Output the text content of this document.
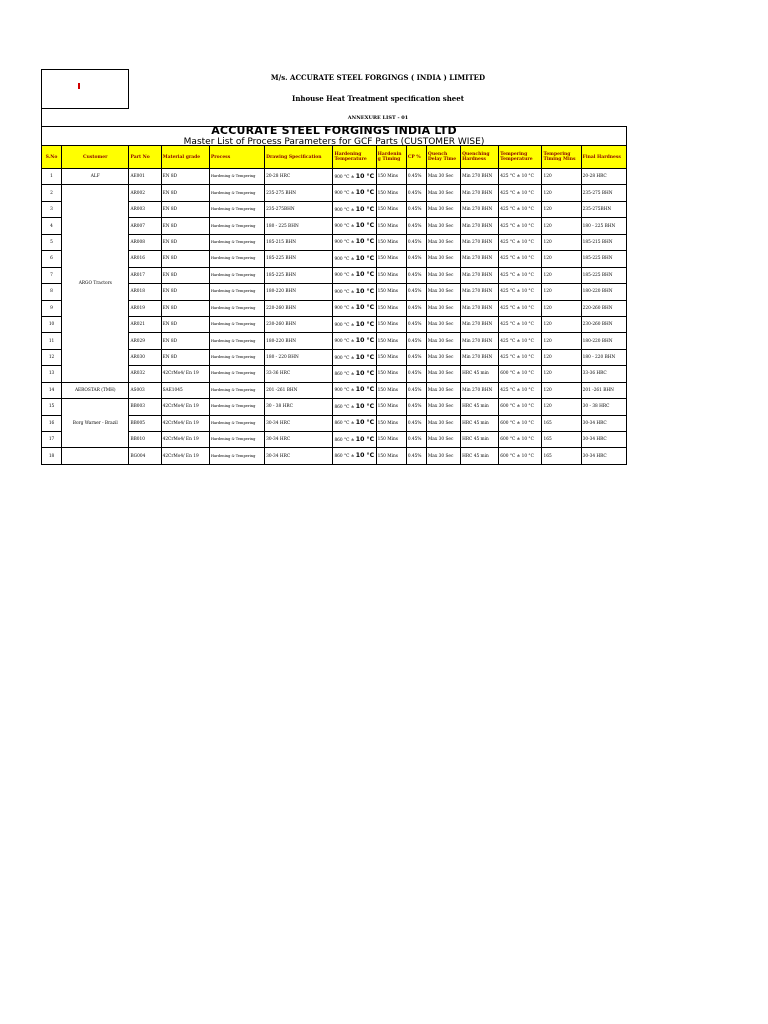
M/s. ACCURATE STEEL FORGINGS ( INDIA ) LIMITED
Inhouse Heat Treatment specification sheet
ANNEXURE LIST - 01
ACCURATE STEEL FORGINGS INDIA LTD
Master List of Process Parameters for GCF Parts (CUSTOMER WISE)
S.No	Customer	Part No	Material grade	Process	Drawing Specification	Hardening Temperature	Hardenin g Timing	CP %	Quench Delay Time	Quenching Hardness	Tempering Temperature	Tempering Timing Mins	Final Hardness
1	ALF	AE001	EN 8D	Hardening & Tempering	20-28 HRC	900 °C ± 10 °C	150 Mins	0.45%	Max 30 Sec	Min 270 BHN	425 °C ± 10 °C	120	20-28 HRC
2	ARGO Tractors	AR002	EN 8D	Hardening & Tempering	235-275 BHN	900 °C ± 10 °C	150 Mins	0.45%	Max 30 Sec	Min 270 BHN	425 °C ± 10 °C	120	235-275 BHN
3		AR003	EN 8D	Hardening & Tempering	235-275BHN	900 °C ± 10 °C	150 Mins	0.45%	Max 30 Sec	Min 270 BHN	425 °C ± 10 °C	120	235-275BHN
4		AR007	EN 8D	Hardening & Tempering	180 - 225 BHN	900 °C ± 10 °C	150 Mins	0.45%	Max 30 Sec	Min 270 BHN	425 °C ± 10 °C	120	180 - 225 BHN
5		AR008	EN 8D	Hardening & Tempering	185-215 BHN	900 °C ± 10 °C	150 Mins	0.45%	Max 30 Sec	Min 270 BHN	425 °C ± 10 °C	120	185-215 BHN
6		AR016	EN 8D	Hardening & Tempering	185-225 BHN	900 °C ± 10 °C	150 Mins	0.45%	Max 30 Sec	Min 270 BHN	425 °C ± 10 °C	120	185-225 BHN
7		AR017	EN 8D	Hardening & Tempering	185-225 BHN	900 °C ± 10 °C	150 Mins	0.45%	Max 30 Sec	Min 270 BHN	425 °C ± 10 °C	120	185-225 BHN
8		AR018	EN 8D	Hardening & Tempering	180-220 BHN	900 °C ± 10 °C	150 Mins	0.45%	Max 30 Sec	Min 270 BHN	425 °C ± 10 °C	120	180-220 BHN
9		AR019	EN 8D	Hardening & Tempering	220-260 BHN	900 °C ± 10 °C	150 Mins	0.45%	Max 30 Sec	Min 270 BHN	425 °C ± 10 °C	120	220-260 BHN
10		AR021	EN 8D	Hardening & Tempering	230-260 BHN	900 °C ± 10 °C	150 Mins	0.45%	Max 30 Sec	Min 270 BHN	425 °C ± 10 °C	120	230-260 BHN
11		AR029	EN 8D	Hardening & Tempering	180-220 BHN	900 °C ± 10 °C	150 Mins	0.45%	Max 30 Sec	Min 270 BHN	425 °C ± 10 °C	120	180-220 BHN
12		AR030	EN 8D	Hardening & Tempering	180 - 220 BHN	900 °C ± 10 °C	150 Mins	0.45%	Max 30 Sec	Min 270 BHN	425 °C ± 10 °C	120	180 - 220 BHN
13		AR032	42CrMo4/ En 19	Hardening & Tempering	33-36 HRC	860 °C ± 10 °C	150 Mins	0.45%	Max 30 Sec	HRC 45 min	600 °C ± 10 °C	120	33-36 HRC
14	AEROSTAR (TMH)	AS003	SAE1045	Hardening & Tempering	201 -261 BHN	900 °C ± 10 °C	150 Mins	0.45%	Max 30 Sec	Min 270 BHN	425 °C ± 10 °C	120	201 -261 BHN
15	Borg Warner - Brazil	BB003	42CrMo4/ En 19	Hardening & Tempering	30 - 38 HRC	860 °C ± 10 °C	150 Mins	0.45%	Max 30 Sec	HRC 45 min	600 °C ± 10 °C	120	30 - 38 HRC
16		BB005	42CrMo4/ En 19	Hardening & Tempering	30-34 HRC	860 °C ± 10 °C	150 Mins	0.45%	Max 30 Sec	HRC 45 min	600 °C ± 10 °C	165	30-34 HRC
17		BB010	42CrMo4/ En 19	Hardening & Tempering	30-34 HRC	860 °C ± 10 °C	150 Mins	0.45%	Max 30 Sec	HRC 45 min	600 °C ± 10 °C	165	30-34 HRC
18		BG004	42CrMo4/ En 19	Hardening & Tempering	30-34 HRC	860 °C ± 10 °C	150 Mins	0.45%	Max 30 Sec	HRC 45 min	600 °C ± 10 °C	165	30-34 HRC
